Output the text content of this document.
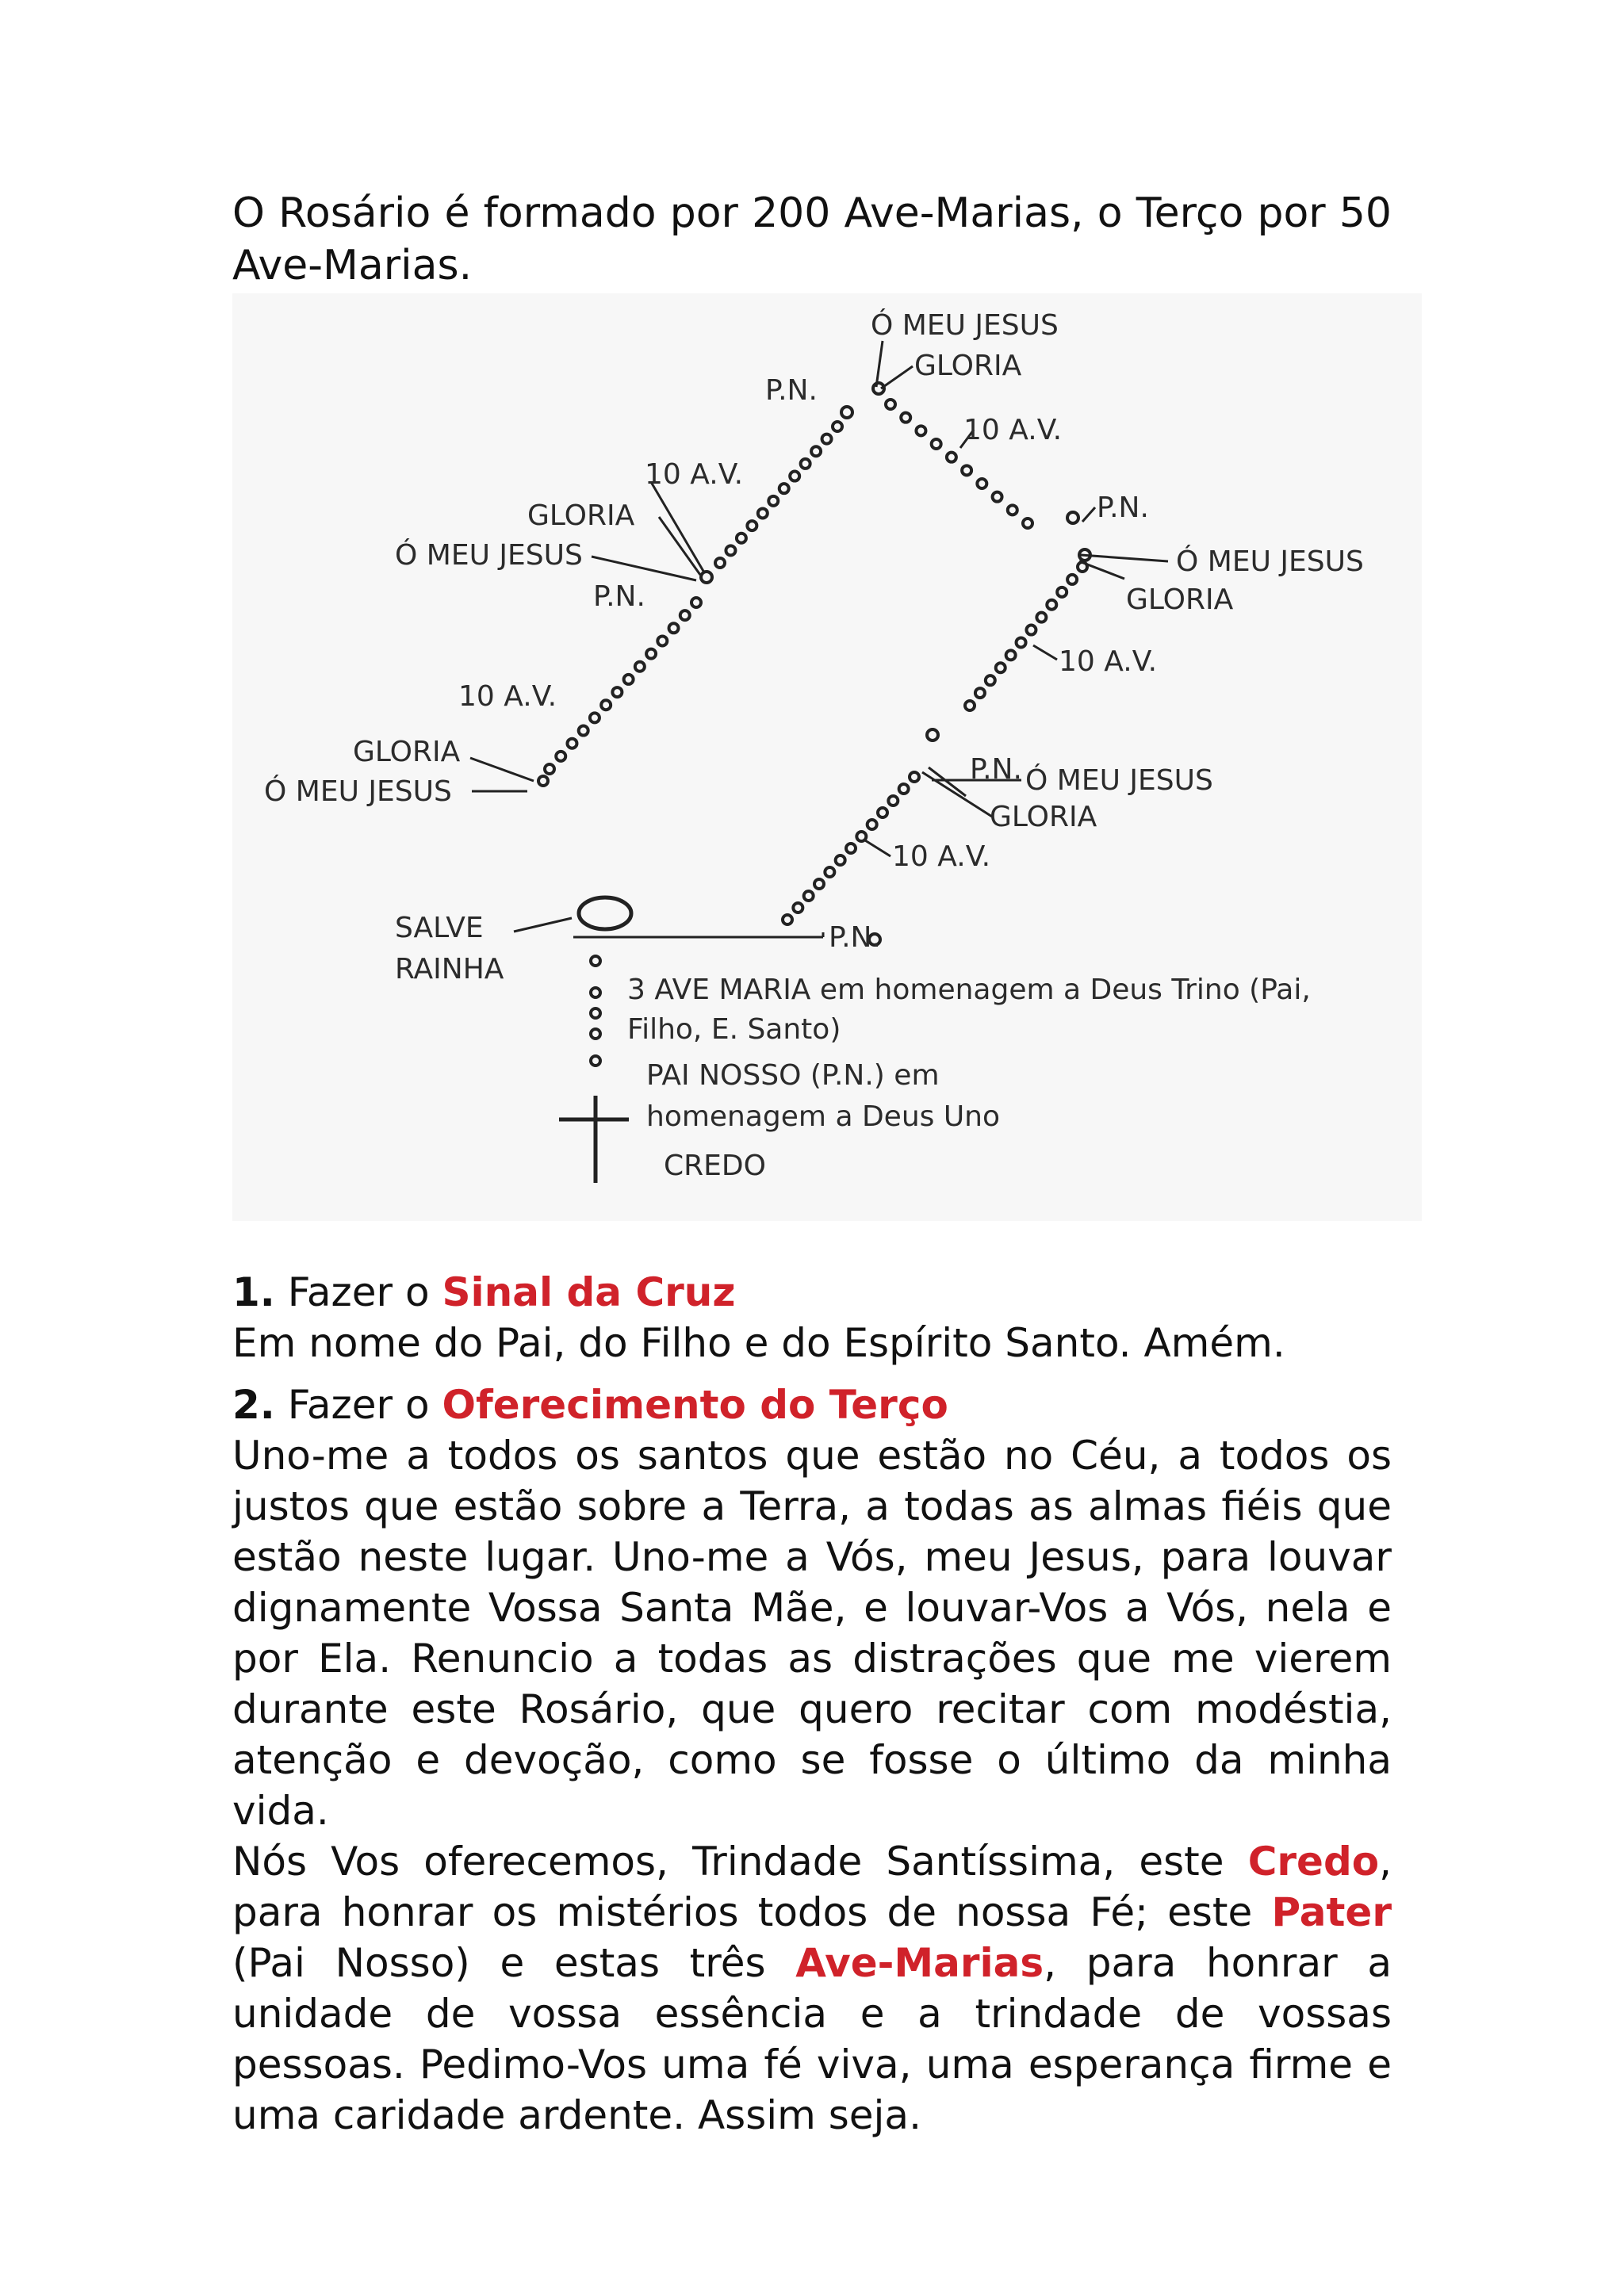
O Rosário é formado por 200 Ave-Marias, o Terço por 50 Ave-Marias.
Ó MEU JESUS
GLORIA
P.N.
10 A.V.
P.N.
Ó MEU JESUS
GLORIA
10 A.V.
P.N. Ó MEU JESUS
GLORIA
10 A.V.
P.N.
10 A.V.
GLORIA
Ó MEU JESUS
P.N.
10 A.V.
GLORIA
Ó MEU JESUS
SALVE
RAINHA
3 AVE MARIA em homenagem a Deus Trino (Pai,
Filho, E. Santo)
PAI NOSSO (P.N.) em
homenagem a Deus Uno
CREDO

1. Fazer o Sinal da Cruz

Em nome do Pai, do Filho e do Espírito Santo. Amém.

2. Fazer o Oferecimento do Terço

Uno-me a todos os santos que estão no Céu, a todos os justos que estão sobre a Terra, a todas as almas fiéis que estão neste lugar. Uno-me a Vós, meu Jesus, para louvar dignamente Vossa Santa Mãe, e louvar-Vos a Vós, nela e por Ela. Renuncio a todas as distrações que me vierem durante este Rosário, que quero recitar com modéstia, atenção e devoção, como se fosse o último da minha vida.

Nós Vos oferecemos, Trindade Santíssima, este Credo, para honrar os mistérios todos de nossa Fé; este Pater (Pai Nosso) e estas três Ave-Marias, para honrar a unidade de vossa essência e a trindade de vossas pessoas. Pedimo-Vos uma fé viva, uma esperança firme e uma caridade ardente. Assim seja.
